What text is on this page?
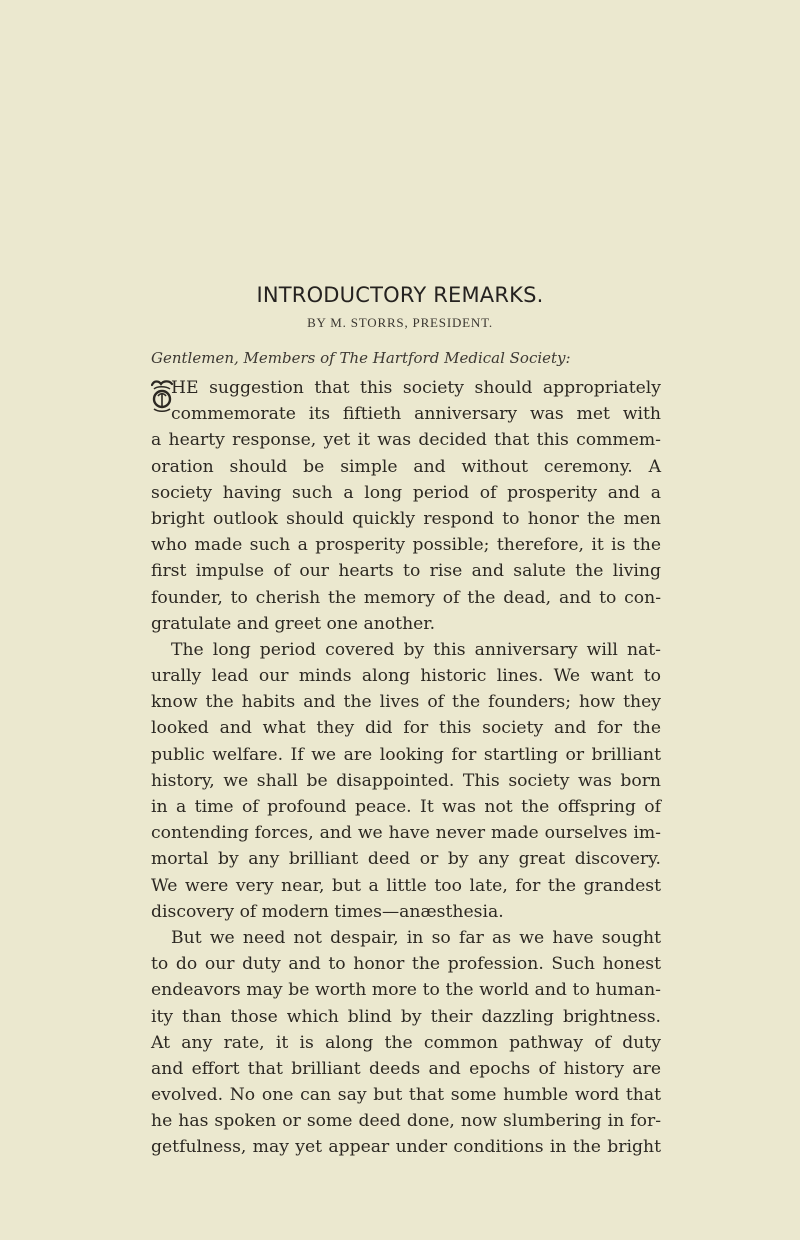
INTRODUCTORY REMARKS.
BY M. STORRS, PRESIDENT.
Gentlemen, Members of The Hartford Medical Society:
HE suggestion that this society should appropriately
commemorate its fiftieth anniversary was met with
a hearty response, yet it was decided that this commem-
oration should be simple and without ceremony. A
society having such a long period of prosperity and a
bright outlook should quickly respond to honor the men
who made such a prosperity possible; therefore, it is the
first impulse of our hearts to rise and salute the living
founder, to cherish the memory of the dead, and to con-
gratulate and greet one another.
The long period covered by this anniversary will nat-
urally lead our minds along historic lines. We want to
know the habits and the lives of the founders; how they
looked and what they did for this society and for the
public welfare. If we are looking for startling or brilliant
history, we shall be disappointed. This society was born
in a time of profound peace. It was not the offspring of
contending forces, and we have never made ourselves im-
mortal by any brilliant deed or by any great discovery.
We were very near, but a little too late, for the grandest
discovery of modern times—anæsthesia.
But we need not despair, in so far as we have sought
to do our duty and to honor the profession. Such honest
endeavors may be worth more to the world and to human-
ity than those which blind by their dazzling brightness.
At any rate, it is along the common pathway of duty
and effort that brilliant deeds and epochs of history are
evolved. No one can say but that some humble word that
he has spoken or some deed done, now slumbering in for-
getfulness, may yet appear under conditions in the bright
